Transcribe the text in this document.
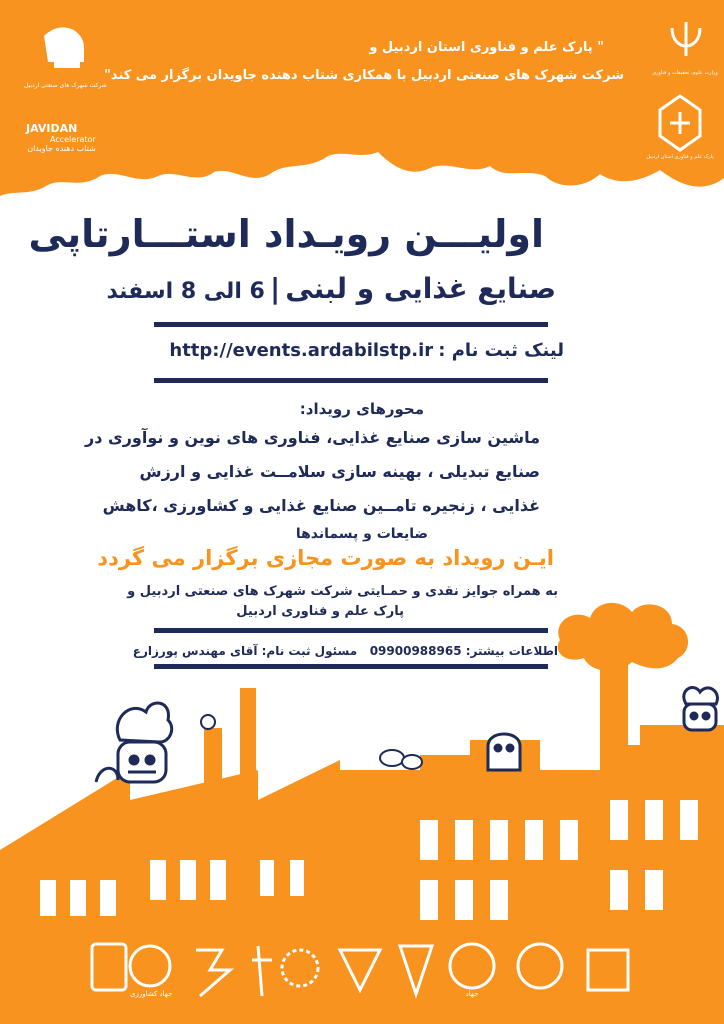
" پارک علم و فناوری استان اردبیل و
شرکت شهرک های صنعتی اردبیل با همکاری شتاب دهنده جاویدان برگزار می کند"
شرکت شهرک های صنعتی اردبیل
JAVIDAN
Accelerator
شتاب دهنده جاویدان
وزارت علوم، تحقیقات و فناوری
پارک علم و فناوری استان اردبیل
اولیـــن رویـداد استـــارتاپی
صنایع غذایی و لبنی | 6 الی 8 اسفند
لینک ثبت نام : http://events.ardabilstp.ir
محورهای رویداد:
ماشین سازی صنایع غذایی، فناوری های نوین و نوآوری در
صنایع تبدیلی ، بهینه سازی سلامــت غذایی و ارزش
غذایی ، زنجیره تامــین صنایع غذایی و کشاورزی ،کاهش
ضایعات و پسماندها
ایـن رویداد به صورت مجازی برگزار می گردد
به همراه جوایز نقدی و حمـایتی شرکت شهرک های صنعتی اردبیل و
پارک علم و فناوری اردبیل
اطلاعات بیشتر: 09900988965   مسئول ثبت نام: آقای مهندس پورزارع
جهاد کشاورزی	جهاد
